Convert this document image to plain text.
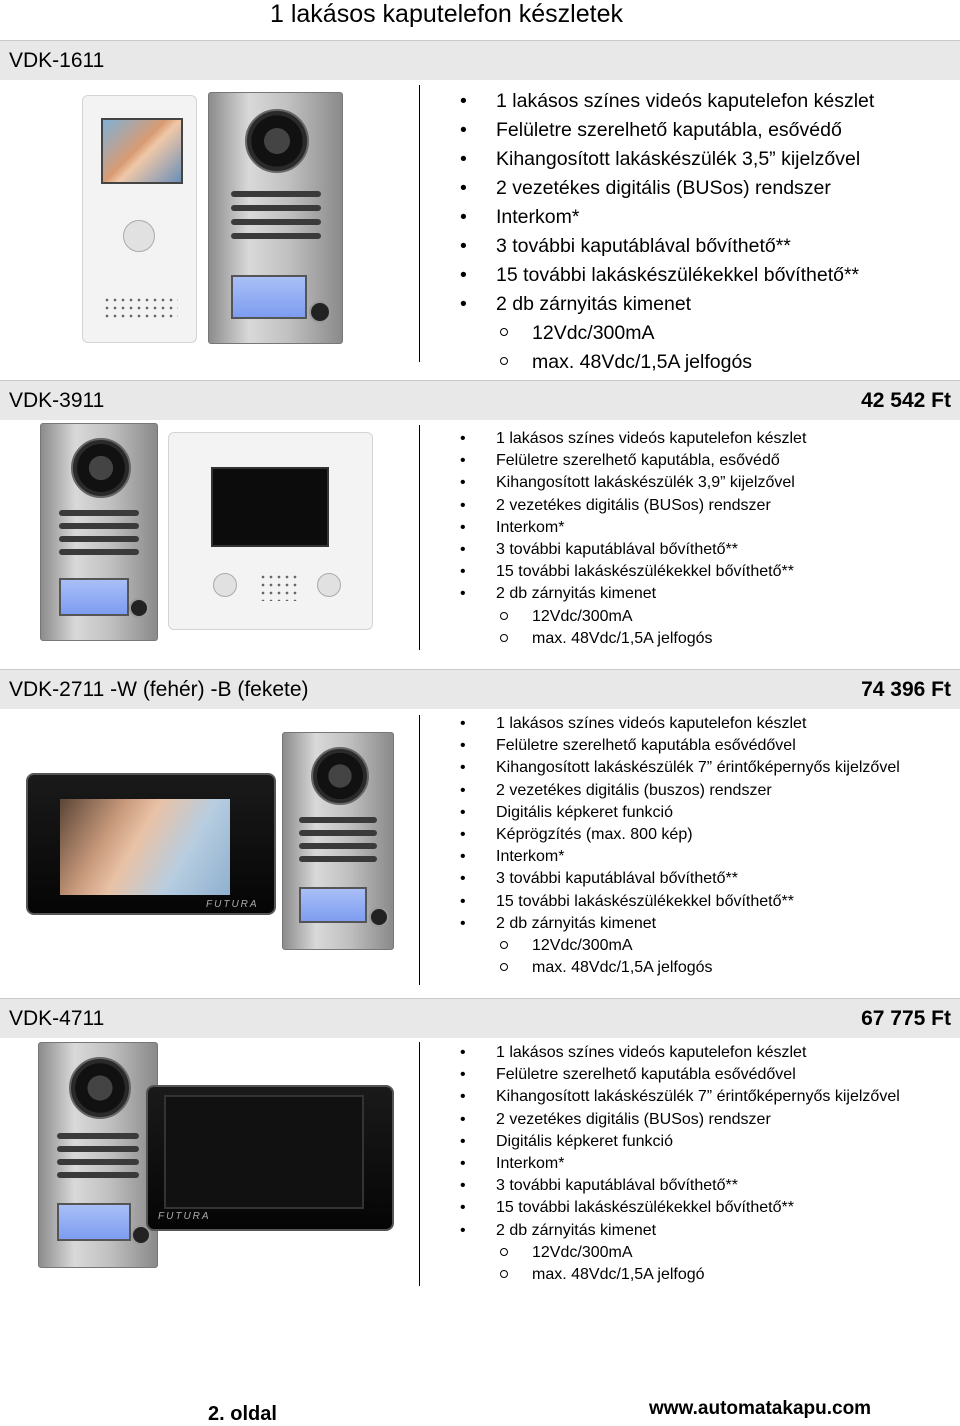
1 lakásos kaputelefon készletek
VDK-1611
• 1 lakásos színes videós kaputelefon készlet
• Felületre szerelhető kaputábla, esővédő
• Kihangosított lakáskészülék 3,5” kijelzővel
• 2 vezetékes digitális (BUSos) rendszer
• Interkom*
• 3 további kaputáblával bővíthető**
• 15 további lakáskészülékekkel bővíthető**
• 2 db zárnyitás kimenet
12Vdc/300mA
max. 48Vdc/1,5A jelfogós
VDK-3911	42 542 Ft
• 1 lakásos színes videós kaputelefon készlet
• Felületre szerelhető kaputábla, esővédő
• Kihangosított lakáskészülék 3,9” kijelzővel
• 2 vezetékes digitális (BUSos) rendszer
• Interkom*
• 3 további kaputáblával bővíthető**
• 15 további lakáskészülékekkel bővíthető**
• 2 db zárnyitás kimenet
12Vdc/300mA
max. 48Vdc/1,5A jelfogós
VDK-2711 -W (fehér) -B (fekete)	74 396 Ft
FUTURA
• 1 lakásos színes videós kaputelefon készlet
• Felületre szerelhető kaputábla esővédővel
• Kihangosított lakáskészülék 7” érintőképernyős kijelzővel
• 2 vezetékes digitális (buszos) rendszer
• Digitális képkeret funkció
• Képrögzítés (max. 800 kép)
• Interkom*
• 3 további kaputáblával bővíthető**
• 15 további lakáskészülékekkel bővíthető**
• 2 db zárnyitás kimenet
12Vdc/300mA
max. 48Vdc/1,5A jelfogós
VDK-4711	67 775 Ft
FUTURA
• 1 lakásos színes videós kaputelefon készlet
• Felületre szerelhető kaputábla esővédővel
• Kihangosított lakáskészülék 7” érintőképernyős kijelzővel
• 2 vezetékes digitális (BUSos) rendszer
• Digitális képkeret funkció
• Interkom*
• 3 további kaputáblával bővíthető**
• 15 további lakáskészülékekkel bővíthető**
• 2 db zárnyitás kimenet
12Vdc/300mA
max. 48Vdc/1,5A jelfogó
2. oldal	www.automatakapu.com
